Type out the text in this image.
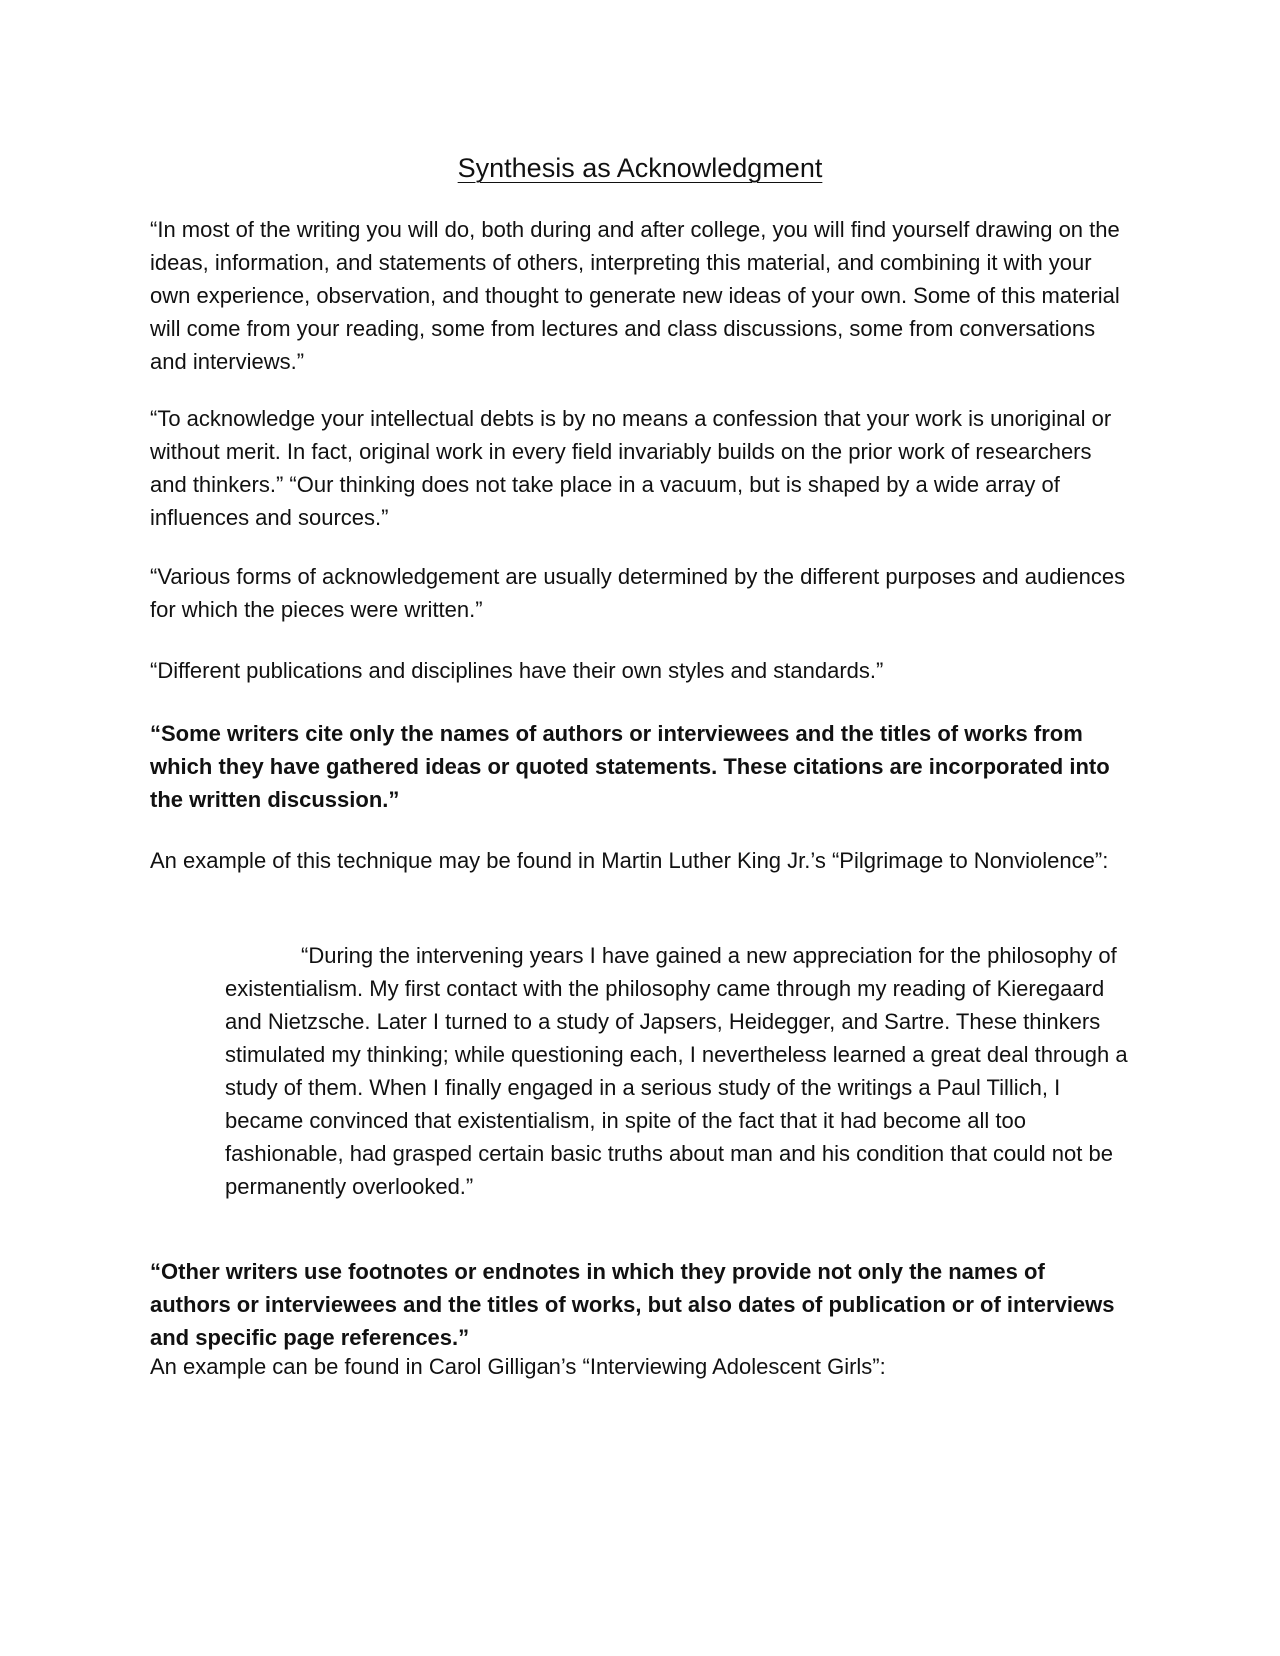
Synthesis as Acknowledgment

“In most of the writing you will do, both during and after college, you will find yourself drawing on the ideas, information, and statements of others, interpreting this material, and combining it with your own experience, observation, and thought to generate new ideas of your own. Some of this material will come from your reading, some from lectures and class discussions, some from conversations and interviews.”

“To acknowledge your intellectual debts is by no means a confession that your work is unoriginal or without merit. In fact, original work in every field invariably builds on the prior work of researchers and thinkers.” “Our thinking does not take place in a vacuum, but is shaped by a wide array of influences and sources.”

“Various forms of acknowledgement are usually determined by the different purposes and audiences for which the pieces were written.”

“Different publications and disciplines have their own styles and standards.”

“Some writers cite only the names of authors or interviewees and the titles of works from which they have gathered ideas or quoted statements. These citations are incorporated into the written discussion.”

An example of this technique may be found in Martin Luther King Jr.’s “Pilgrimage to Nonviolence”:

“During the intervening years I have gained a new appreciation for the philosophy of existentialism. My first contact with the philosophy came through my reading of Kieregaard and Nietzsche. Later I turned to a study of Japsers, Heidegger, and Sartre. These thinkers stimulated my thinking; while questioning each, I nevertheless learned a great deal through a study of them. When I finally engaged in a serious study of the writings a Paul Tillich, I became convinced that existentialism, in spite of the fact that it had become all too fashionable, had grasped certain basic truths about man and his condition that could not be permanently overlooked.”

“Other writers use footnotes or endnotes in which they provide not only the names of authors or interviewees and the titles of works, but also dates of publication or of interviews and specific page references.”

An example can be found in Carol Gilligan’s “Interviewing Adolescent Girls”:
